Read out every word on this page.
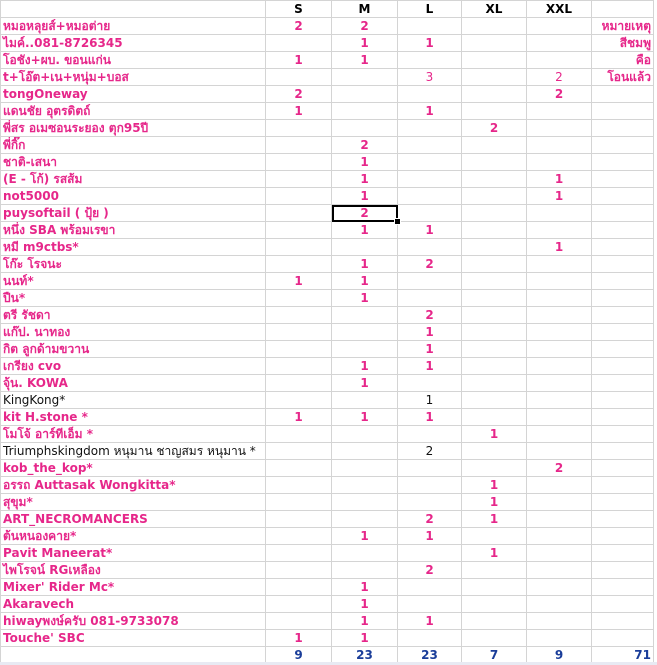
	S	M	L	XL	XXL	
หมอหลุยส์+หมอต่าย	2	2				หมายเหตุ
ไมค์..081-8726345		1	1			สีชมพู
โอชัง+ผบ. ขอนแก่น	1	1				คือ
t+โอ๊ต+เน+หนุ่ม+บอส			3		2	โอนแล้ว
tongOneway	2				2	
แดนชัย อุตรดิตถ์	1		1			
พี่สร อเมซอนระยอง ตุก95ปี				2		
พี่กิ๊ก		2				
ชาติ-เสนา		1				
(E - โก้) รสส้ม		1			1	
not5000		1			1	
puysoftail ( ปุ้ย )		2				
หนึ่ง SBA พร้อมเรขา		1	1			
หมี m9ctbs*					1	
โก๊ะ โรจนะ		1	2			
นนท์*	1	1				
ปืน*		1				
ตรี รัชดา			2			
แก๊ป. นาทอง			1			
กิต ลูกด้ามขวาน			1			
เกรียง cvo		1	1			
จุ้น. KOWA		1				
KingKong*			1			
kit H.stone *	1	1	1			
โมโจ้ อาร์ทีเอ็ม *				1		
Triumphskingdom หนุมาน ชาญสมร หนุมาน *			2			
kob_the_kop*					2	
อรรถ Auttasak Wongkitta*				1		
สุขุม*				1		
ART_NECROMANCERS			2	1		
ต้นหนองคาย*		1	1			
Pavit Maneerat*				1		
ไพโรจน์ RGเหลือง			2			
Mixer' Rider Mc*		1				
Akaravech		1				
hiwayพงษ์ครับ 081-9733078		1	1			
Touche' SBC	1	1				
	9	23	23	7	9	71
